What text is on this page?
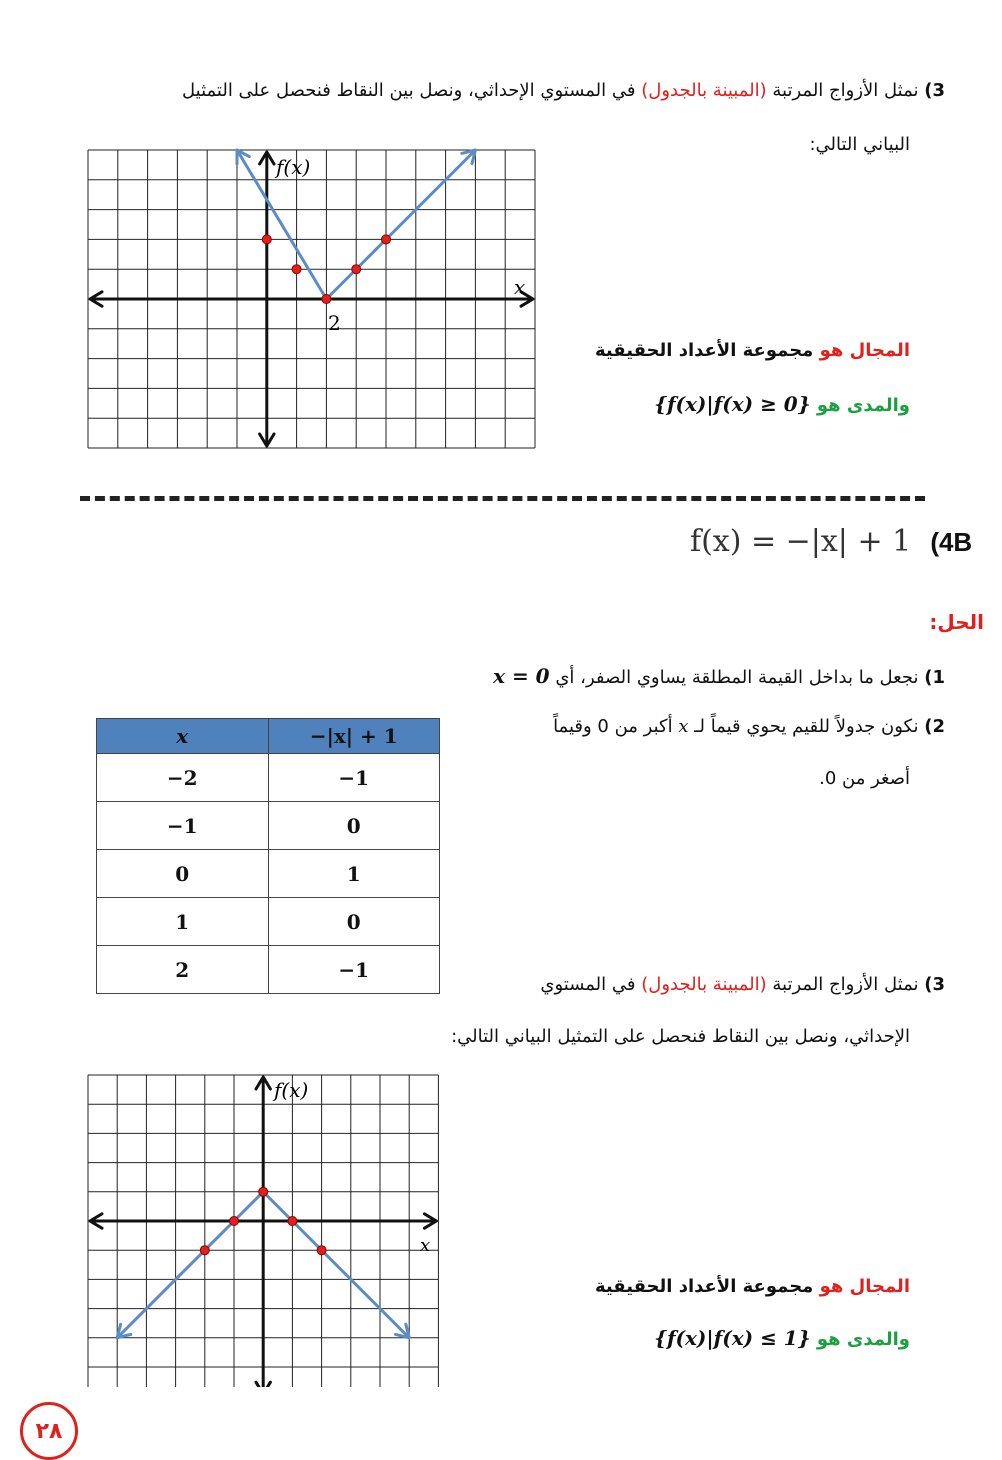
3) نمثل الأزواج المرتبة (المبينة بالجدول) في المستوي الإحداثي، ونصل بين النقاط فنحصل على التمثيل
البياني التالي:
f(x)
x
2
المجال هو مجموعة الأعداد الحقيقية
والمدى هو {f(x)|f(x) ≥ 0}
f(x) = −|x| + 1 (4B
الحل:
1) نجعل ما بداخل القيمة المطلقة يساوي الصفر، أي x = 0
2) نكون جدولاً للقيم يحوي قيماً لـ x أكبر من 0 وقيماً
أصغر من 0.
x	−|x| + 1
−2	−1
−1	0
0	1
1	0
2	−1
3) نمثل الأزواج المرتبة (المبينة بالجدول) في المستوي
الإحداثي، ونصل بين النقاط فنحصل على التمثيل البياني التالي:
f(x)
x
المجال هو مجموعة الأعداد الحقيقية
والمدى هو {f(x)|f(x) ≤ 1}
٢٨
